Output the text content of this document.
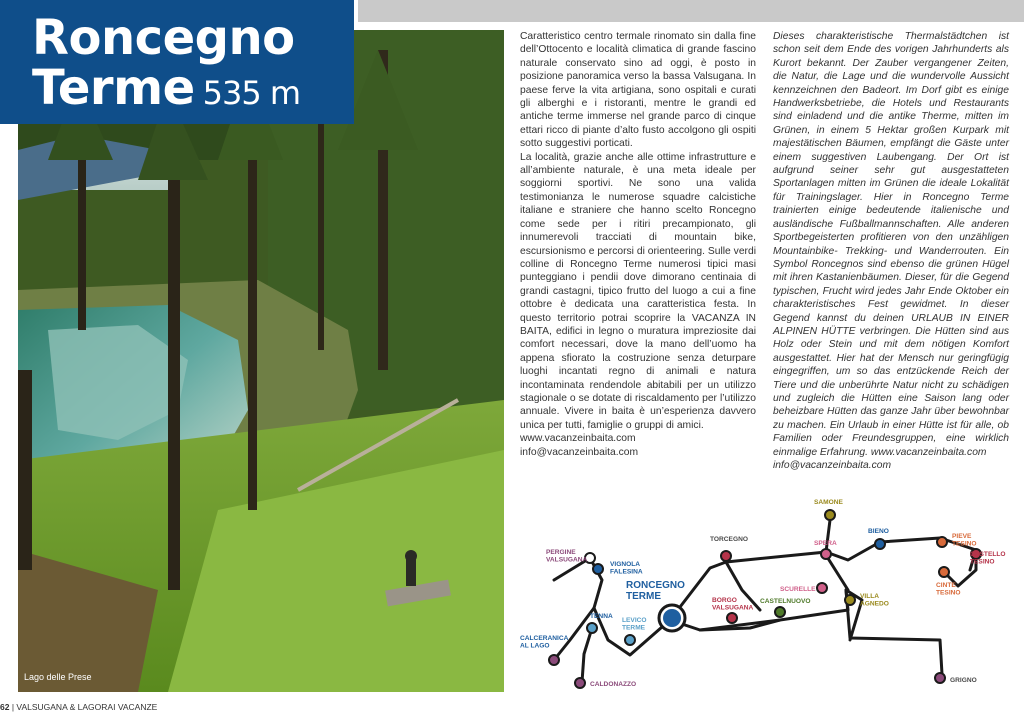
Lago delle Prese
Roncegno
Terme 535 m

Caratteristico centro termale rinomato sin dalla fine dell’Ottocento e località climatica di grande fascino naturale conservato sino ad oggi, è posto in posizione panoramica verso la bassa Valsugana. In paese ferve la vita artigiana, sono ospitali e curati gli alberghi e i ristoranti, mentre le grandi ed antiche terme immerse nel grande parco di cinque ettari ricco di piante d’alto fusto accolgono gli ospiti sotto suggestivi porticati.

La località, grazie anche alle ottime infrastrutture e all’ambiente naturale, è una meta ideale per soggiorni sportivi. Ne sono una valida testimonianza le numerose squadre calcistiche italiane e straniere che hanno scelto Roncegno come sede per i ritiri precampionato, gli innumerevoli tracciati di mountain bike, escursionismo e percorsi di orienteering. Sulle verdi colline di Roncegno Terme numerosi tipici masi punteggiano i pendii dove dimorano centinaia di grandi castagni, tipico frutto del luogo a cui a fine ottobre è dedicata una caratteristica festa. In questo territorio potrai scoprire la VACANZA IN BAITA, edifici in legno o muratura impreziosite dai comfort necessari, dove la mano dell’uomo ha appena sfiorato la costruzione senza deturpare luoghi incantati regno di animali e natura incontaminata rendendole abitabili per un utilizzo stagionale o se dotate di riscaldamento per l’utilizzo annuale. Vivere in baita è un’esperienza davvero unica per tutti, famiglie o gruppi di amici.

www.vacanzeinbaita.com

info@vacanzeinbaita.com

Dieses charakteristische Thermalstädtchen ist schon seit dem Ende des vorigen Jahrhunderts als Kurort bekannt. Der Zauber vergangener Zeiten, die Natur, die Lage und die wundervolle Aussicht kennzeichnen den Badeort. Im Dorf gibt es einige Handwerksbetriebe, die Hotels und Restaurants sind einladend und die antike Therme, mitten im Grünen, in einem 5 Hektar großen Kurpark mit majestätischen Bäumen, empfängt die Gäste unter einem suggestiven Laubengang. Der Ort ist aufgrund seiner sehr gut ausgestatteten Sportanlagen mitten im Grünen die ideale Lokalität für Trainingslager. Hier in Roncegno Terme trainierten einige bedeutende italienische und ausländische Fußballmannschaften. Alle anderen Sportbegeisterten profitieren von den unzähligen Mountainbike- Trekking- und Wanderrouten. Ein Symbol Roncegnos sind ebenso die grünen Hügel mit ihren Kastanienbäumen. Dieser, für die Gegend typischen, Frucht wird jedes Jahr Ende Oktober ein charakteristisches Fest gewidmet. In dieser Gegend kannst du deinen URLAUB IN EINER ALPINEN HÜTTE verbringen. Die Hütten sind aus Holz oder Stein und mit dem nötigen Komfort ausgestattet. Hier hat der Mensch nur geringfügig eingegriffen, um so das entzückende Reich der Tiere und die unberührte Natur nicht zu schädigen und zugleich die Hütten eine Saison lang oder beheizbare Hütten das ganze Jahr über bewohnbar zu machen. Ein Urlaub in einer Hütte ist für alle, ob Familien oder Freundesgruppen, eine wirklich einmalige Erfahrung. www.vacanzeinbaita.com

info@vacanzeinbaita.com

PERGINE VALSUGANA
VIGNOLA FALESINA
RONCEGNO TERME
TENNA
LEVICO TERME
CALCERANICA AL LAGO
CALDONAZZO
TORCEGNO
BORGO VALSUGANA
CASTELNUOVO
SAMONE
SPERA
BIENO
SCURELLE
VILLA AGNEDO
PIEVE TESINO
CASTELLO TESINO
CINTE TESINO
GRIGNO
62 | VALSUGANA & LAGORAI VACANZE
